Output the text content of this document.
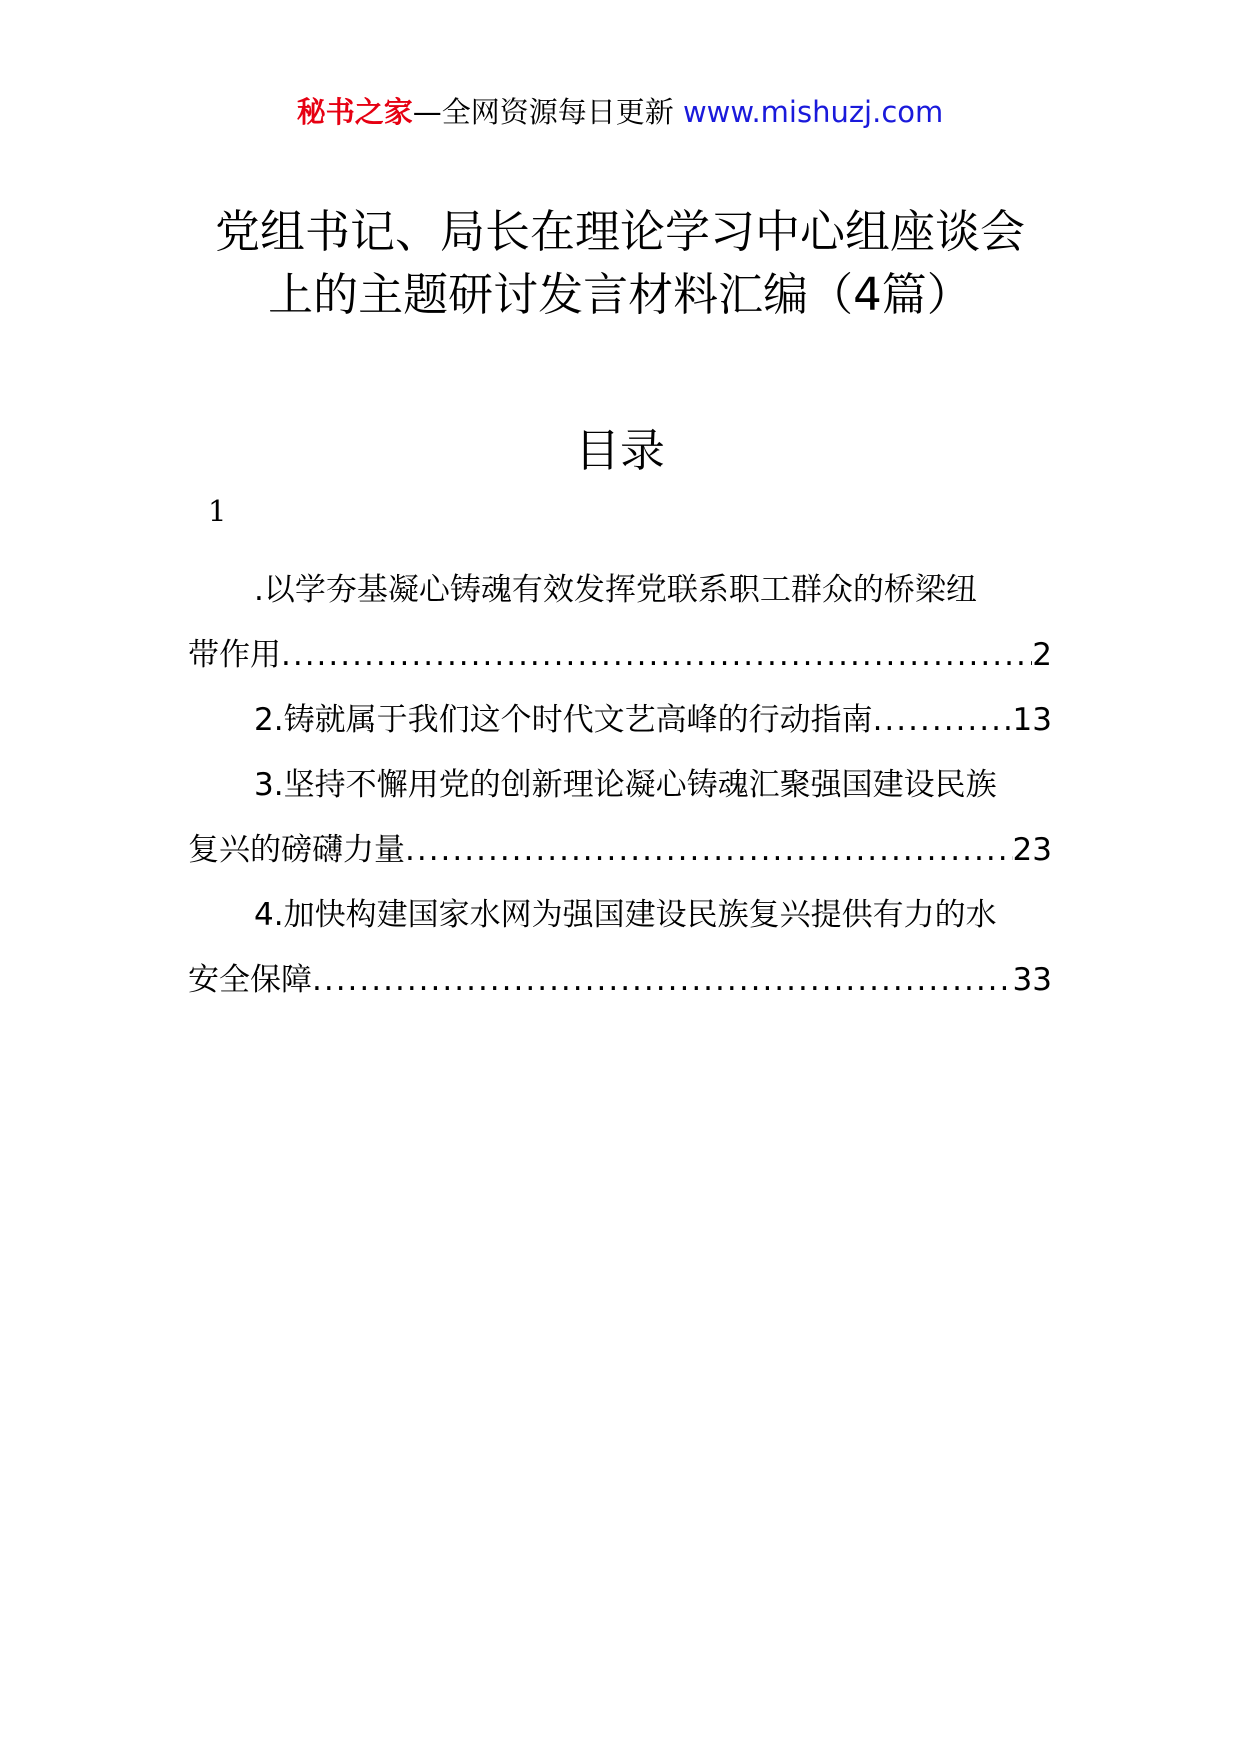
秘书之家—全网资源每日更新 www.mishuzj.com
党组书记、局长在理论学习中心组座谈会
上的主题研讨发言材料汇编（4篇）
目录
1
.以学夯基凝心铸魂有效发挥党联系职工群众的桥梁纽
带作用 .....	2
2.铸就属于我们这个时代文艺高峰的行动指南 .....	13
3.坚持不懈用党的创新理论凝心铸魂汇聚强国建设民族
复兴的磅礴力量 .....	23
4.加快构建国家水网为强国建设民族复兴提供有力的水
安全保障 .....	33
